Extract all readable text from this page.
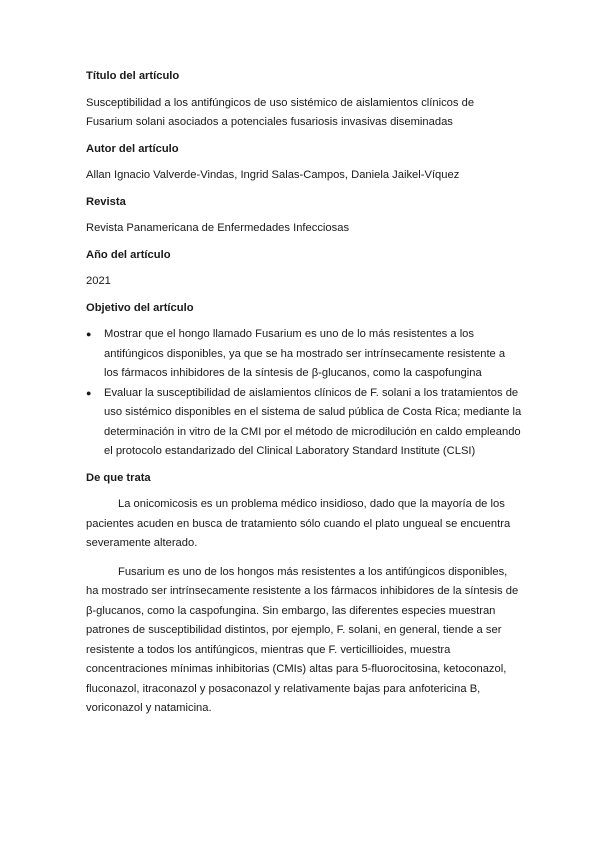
Título del artículo
Susceptibilidad a los antifúngicos de uso sistémico de aislamientos clínicos de Fusarium solani asociados a potenciales fusariosis invasivas diseminadas
Autor del artículo
Allan Ignacio Valverde-Vindas, Ingrid Salas-Campos, Daniela Jaikel-Víquez
Revista
Revista Panamericana de Enfermedades Infecciosas
Año del artículo
2021
Objetivo del artículo
● Mostrar que el hongo llamado Fusarium es uno de lo más resistentes a los antifúngicos disponibles, ya que se ha mostrado ser intrínsecamente resistente a los fármacos inhibidores de la síntesis de β-glucanos, como la caspofungina
● Evaluar la susceptibilidad de aislamientos clínicos de F. solani a los tratamientos de uso sistémico disponibles en el sistema de salud pública de Costa Rica; mediante la determinación in vitro de la CMI por el método de microdilución en caldo empleando el protocolo estandarizado del Clinical Laboratory Standard Institute (CLSI)
De que trata

La onicomicosis es un problema médico insidioso, dado que la mayoría de los pacientes acuden en busca de tratamiento sólo cuando el plato ungueal se encuentra severamente alterado.

Fusarium es uno de los hongos más resistentes a los antifúngicos disponibles, ha mostrado ser intrínsecamente resistente a los fármacos inhibidores de la síntesis de β-glucanos, como la caspofungina. Sin embargo, las diferentes especies muestran patrones de susceptibilidad distintos, por ejemplo, F. solani, en general, tiende a ser resistente a todos los antifúngicos, mientras que F. verticillioides, muestra concentraciones mínimas inhibitorias (CMIs) altas para 5-fluorocitosina, ketoconazol, fluconazol, itraconazol y posaconazol y relativamente bajas para anfotericina B, voriconazol y natamicina.
